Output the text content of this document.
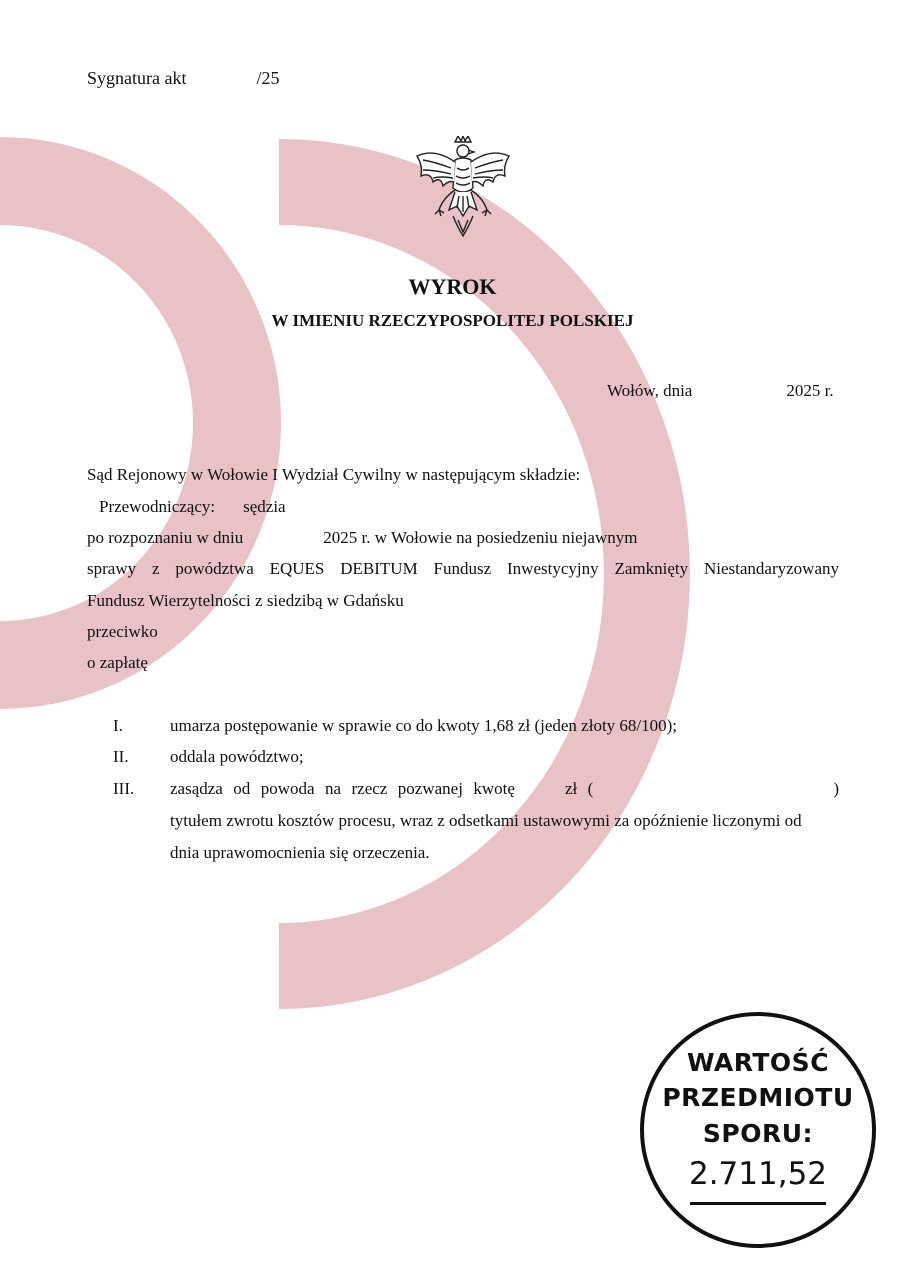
Sygnatura akt	/25
WYROK
W IMIENIU RZECZYPOSPOLITEJ POLSKIEJ
Wołów, dnia	2025 r.
Sąd Rejonowy w Wołowie I Wydział Cywilny w następującym składzie:
Przewodniczący: sędzia
po rozpoznaniu w dniu	2025 r. w Wołowie na posiedzeniu niejawnym
sprawy z powództwa EQUES DEBITUM Fundusz Inwestycyjny Zamknięty Niestandaryzowany
Fundusz Wierzytelności z siedzibą w Gdańsku
przeciwko
o zapłatę
I.	umarza postępowanie w sprawie co do kwoty 1,68 zł (jeden złoty 68/100);
II. oddala powództwo;
III. zasądza od powoda na rzecz pozwanej kwotę	zł (	)
tytułem zwrotu kosztów procesu, wraz z odsetkami ustawowymi za opóźnienie liczonymi od
dnia uprawomocnienia się orzeczenia.
WARTOŚĆ
PRZEDMIOTU
SPORU:
2.711,52
